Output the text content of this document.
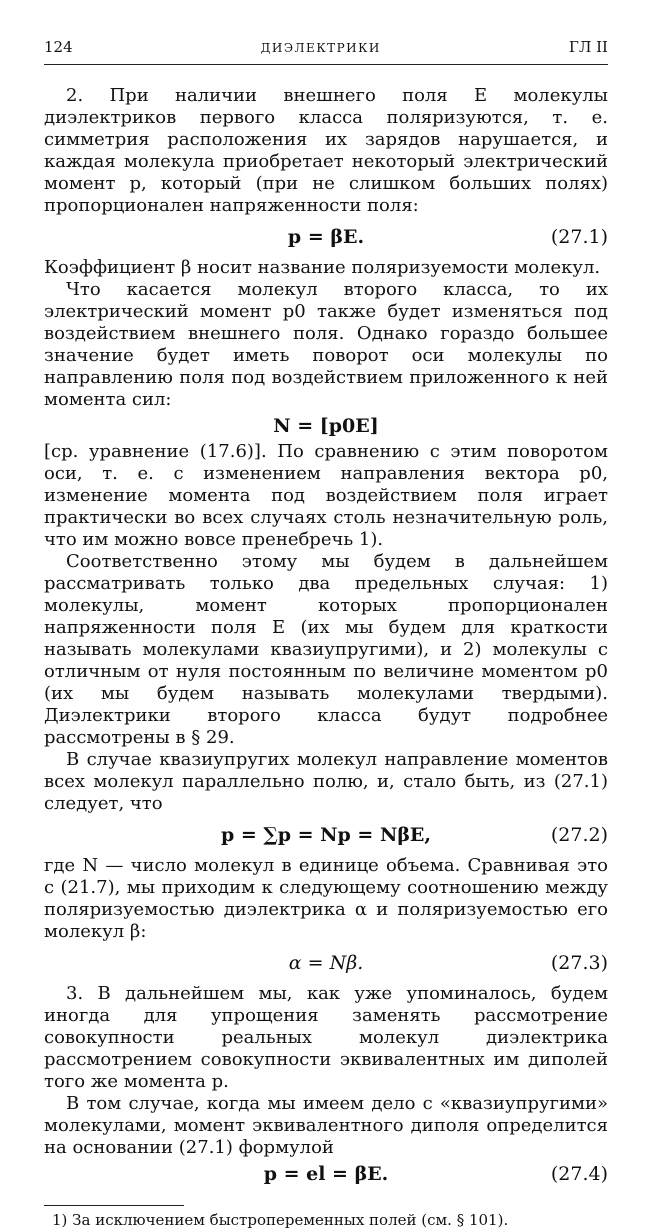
124	ДИЭЛЕКТРИКИ	ГЛ II

2. При наличии внешнего поля E молекулы диэлектриков первого класса поляризуются, т. е. симметрия расположения их зарядов нарушается, и каждая молекула приобретает некоторый электрический момент p, который (при не слишком больших полях) пропорционален напряженности поля:

p = βE.	(27.1)

Коэффициент β носит название поляризуемости молекул.

Что касается молекул второго класса, то их электрический момент p0 также будет изменяться под воздействием внешнего поля. Однако гораздо большее значение будет иметь поворот оси молекулы по направлению поля под воздействием приложенного к ней момента сил:

N = [p0E]

[ср. уравнение (17.6)]. По сравнению с этим поворотом оси, т. е. с изменением направления вектора p0, изменение момента под воздействием поля играет практически во всех случаях столь незначительную роль, что им можно вовсе пренебречь 1).

Соответственно этому мы будем в дальнейшем рассматривать только два предельных случая: 1) молекулы, момент которых пропорционален напряженности поля E (их мы будем для краткости называть молекулами квазиупругими), и 2) молекулы с отличным от нуля постоянным по величине моментом p0 (их мы будем называть молекулами твердыми). Диэлектрики второго класса будут подробнее рассмотрены в § 29.

В случае квазиупругих молекул направление моментов всех молекул параллельно полю, и, стало быть, из (27.1) следует, что

p = ∑p = Np = NβE,	(27.2)

где N — число молекул в единице объема. Сравнивая это с (21.7), мы приходим к следующему соотношению между поляризуемостью диэлектрика α и поляризуемостью его молекул β:

α = Nβ.	(27.3)

3. В дальнейшем мы, как уже упоминалось, будем иногда для упрощения заменять рассмотрение совокупности реальных молекул диэлектрика рассмотрением совокупности эквивалентных им диполей того же момента p.

В том случае, когда мы имеем дело с «квазиупругими» молекулами, момент эквивалентного диполя определится на основании (27.1) формулой

p = el = βE.	(27.4)
1) За исключением быстропеременных полей (см. § 101).
